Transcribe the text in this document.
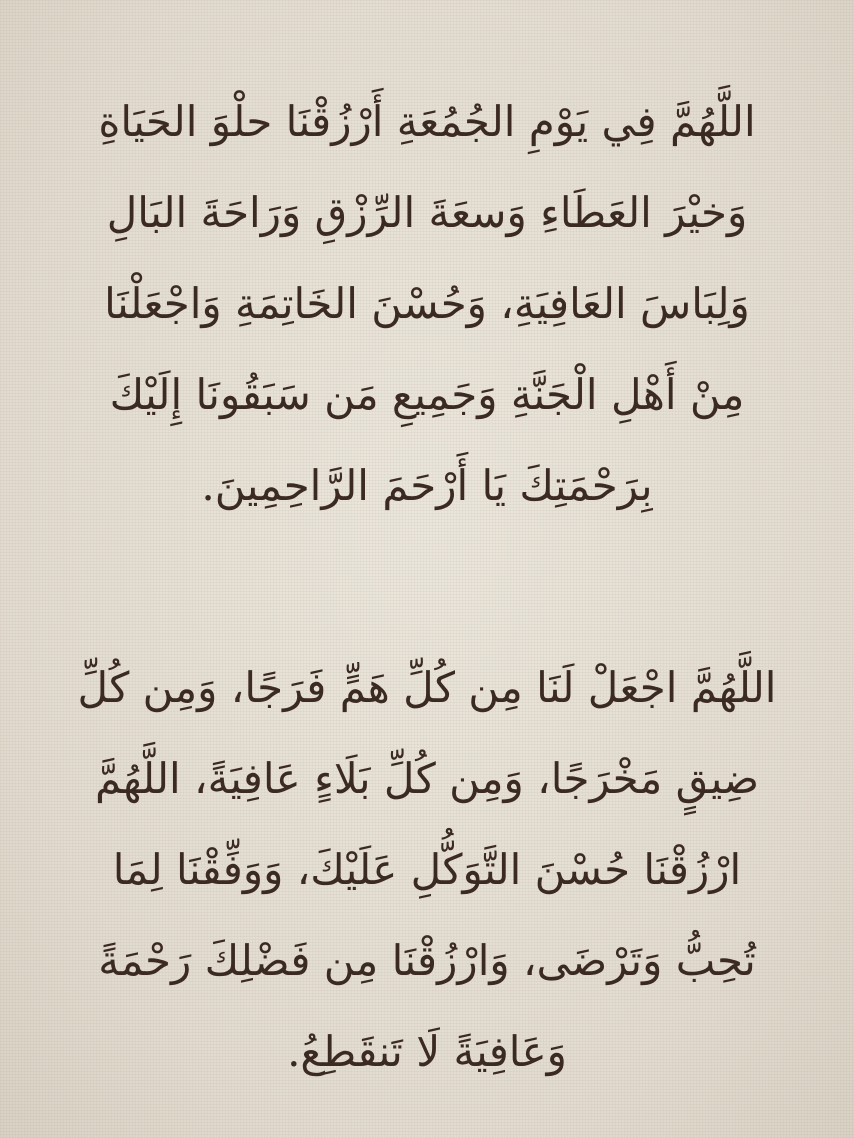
اللَّهُمَّ فِي يَوْمِ الجُمُعَةِ أَرْزُقْنَا حلْوَ الحَيَاةِ
وَخيْرَ العَطَاءِ وَسعَةَ الرِّزْقِ وَرَاحَةَ البَالِ
وَلِبَاسَ العَافِيَةِ، وَحُسْنَ الخَاتِمَةِ وَاجْعَلْنَا
مِنْ أَهْلِ الْجَنَّةِ وَجَمِيعِ مَن سَبَقُونَا إِلَيْكَ
بِرَحْمَتِكَ يَا أَرْحَمَ الرَّاحِمِينَ.

اللَّهُمَّ اجْعَلْ لَنَا مِن كُلِّ هَمٍّ فَرَجًا، وَمِن كُلِّ
ضِيقٍ مَخْرَجًا، وَمِن كُلِّ بَلَاءٍ عَافِيَةً، اللَّهُمَّ
ارْزُقْنَا حُسْنَ التَّوَكُّلِ عَلَيْكَ، وَوَفِّقْنَا لِمَا
تُحِبُّ وَتَرْضَى، وَارْزُقْنَا مِن فَضْلِكَ رَحْمَةً
وَعَافِيَةً لَا تَنقَطِعُ.
